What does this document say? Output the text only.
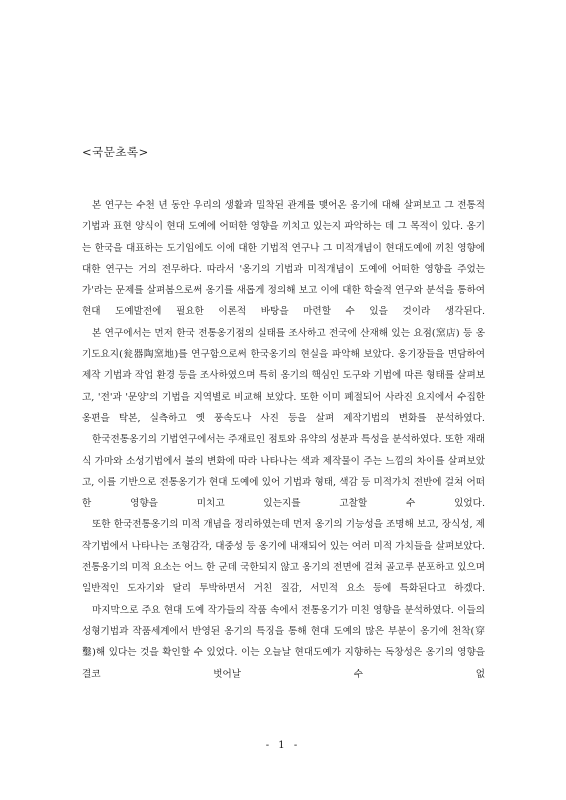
<국문초록>

본 연구는 수천 년 동안 우리의 생활과 밀착된 관계를 맺어온 옹기에 대해 살펴보고 그 전통적 기법과 표현 양식이 현대 도예에 어떠한 영향을 끼치고 있는지 파악하는 데 그 목적이 있다. 옹기는 한국을 대표하는 도기임에도 이에 대한 기법적 연구나 그 미적개념이 현대도예에 끼친 영향에 대한 연구는 거의 전무하다. 따라서 '옹기의 기법과 미적개념이 도예에 어떠한 영향을 주었는가'라는 문제를 살펴봄으로써 옹기를 새롭게 정의해 보고 이에 대한 학술적 연구와 분석을 통하여 현대 도예발전에 필요한 이론적 바탕을 마련할 수 있을 것이라 생각된다.

본 연구에서는 먼저 한국 전통옹기점의 실태를 조사하고 전국에 산재해 있는 요점(窯店) 등 옹기도요지(瓮器陶窯地)를 연구함으로써 한국옹기의 현실을 파악해 보았다. 옹기장들을 면담하여 제작 기법과 작업 환경 등을 조사하였으며 특히 옹기의 핵심인 도구와 기법에 따른 형태를 살펴보고, '전'과 '문양'의 기법을 지역별로 비교해 보았다. 또한 이미 폐절되어 사라진 요지에서 수집한 옹편을 탁본, 실측하고 옛 풍속도나 사진 등을 살펴 제작기법의 변화를 분석하였다.

한국전통옹기의 기법연구에서는 주재료인 점토와 유약의 성분과 특성을 분석하였다. 또한 재래식 가마와 소성기법에서 불의 변화에 따라 나타나는 색과 제작물이 주는 느낌의 차이를 살펴보았고, 이를 기반으로 전통옹기가 현대 도예에 있어 기법과 형태, 색감 등 미적가치 전반에 걸쳐 어떠한 영향을 미치고 있는지를 고찰할 수 있었다.

또한 한국전통옹기의 미적 개념을 정리하였는데 먼저 옹기의 기능성을 조명해 보고, 장식성, 제작기법에서 나타나는 조형감각, 대중성 등 옹기에 내재되어 있는 여러 미적 가치들을 살펴보았다. 전통옹기의 미적 요소는 어느 한 군데 국한되지 않고 옹기의 전면에 걸쳐 골고루 분포하고 있으며 일반적인 도자기와 달리 투박하면서 거친 질감, 서민적 요소 등에 특화된다고 하겠다.

마지막으로 주요 현대 도예 작가들의 작품 속에서 전통옹기가 미친 영향을 분석하였다. 이들의 성형기법과 작품세계에서 반영된 옹기의 특징을 통해 현대 도예의 많은 부분이 옹기에 천착(穿鑿)해 있다는 것을 확인할 수 있었다. 이는 오늘날 현대도예가 지향하는 독창성은 옹기의 영향을 결코 벗어날 수 없

- 1 -
